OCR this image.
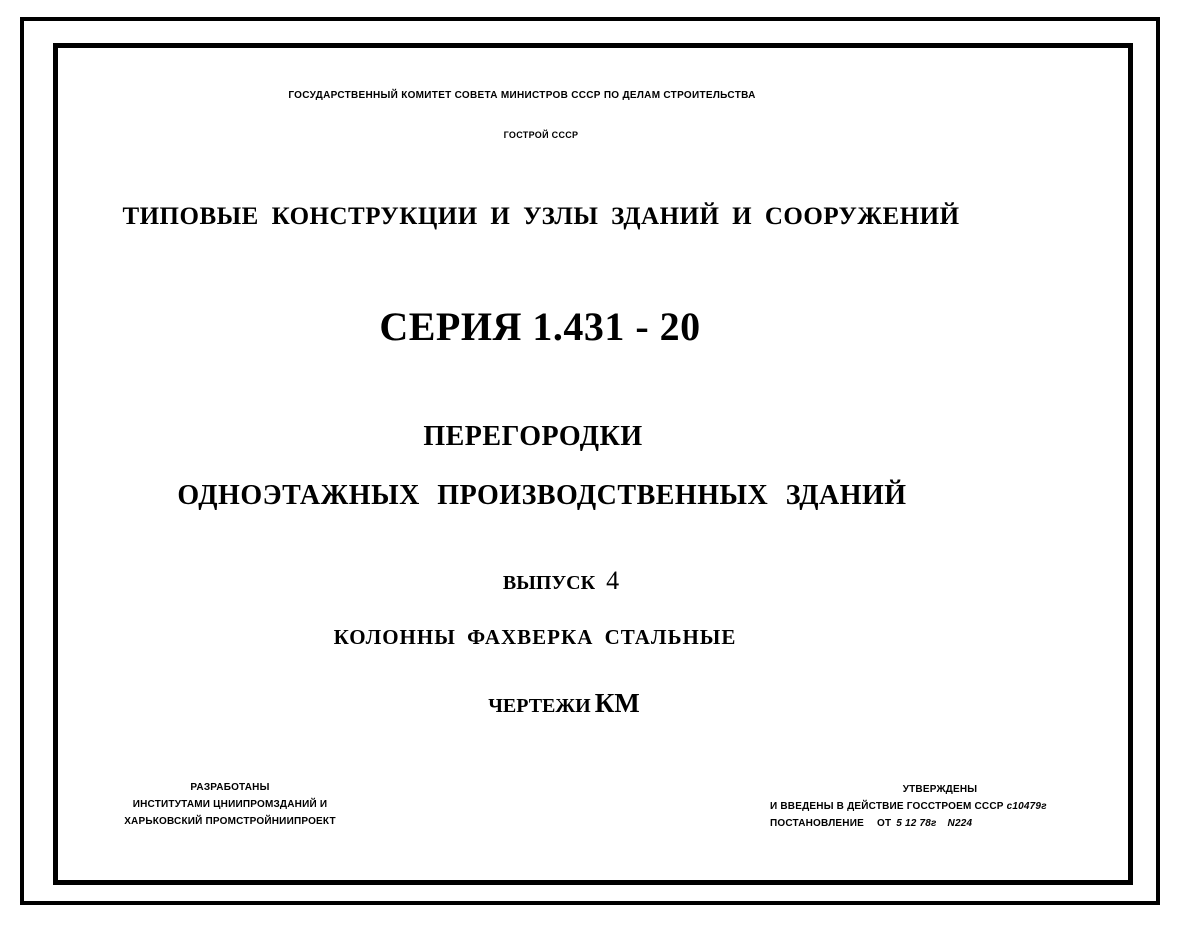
ГОСУДАРСТВЕННЫЙ КОМИТЕТ СОВЕТА МИНИСТРОВ СССР ПО ДЕЛАМ СТРОИТЕЛЬСТВА
ГОСТРОЙ СССР
ТИПОВЫЕ КОНСТРУКЦИИ И УЗЛЫ ЗДАНИЙ И СООРУЖЕНИЙ
СЕРИЯ 1.431 - 20
ПЕРЕГОРОДКИ
ОДНОЭТАЖНЫХ ПРОИЗВОДСТВЕННЫХ ЗДАНИЙ
ВЫПУСК 4
КОЛОННЫ ФАХВЕРКА СТАЛЬНЫЕ
ЧЕРТЕЖИ КМ
РАЗРАБОТАНЫ
ИНСТИТУТАМИ ЦНИИПРОМЗДАНИЙ И
ХАРЬКОВСКИЙ ПРОМСТРОЙНИИПРОЕКТ
УТВЕРЖДЕНЫ
И ВВЕДЕНЫ В ДЕЙСТВИЕ ГОССТРОЕМ СССР с10479г
ПОСТАНОВЛЕНИЕ ОТ 5 12 78г N224
